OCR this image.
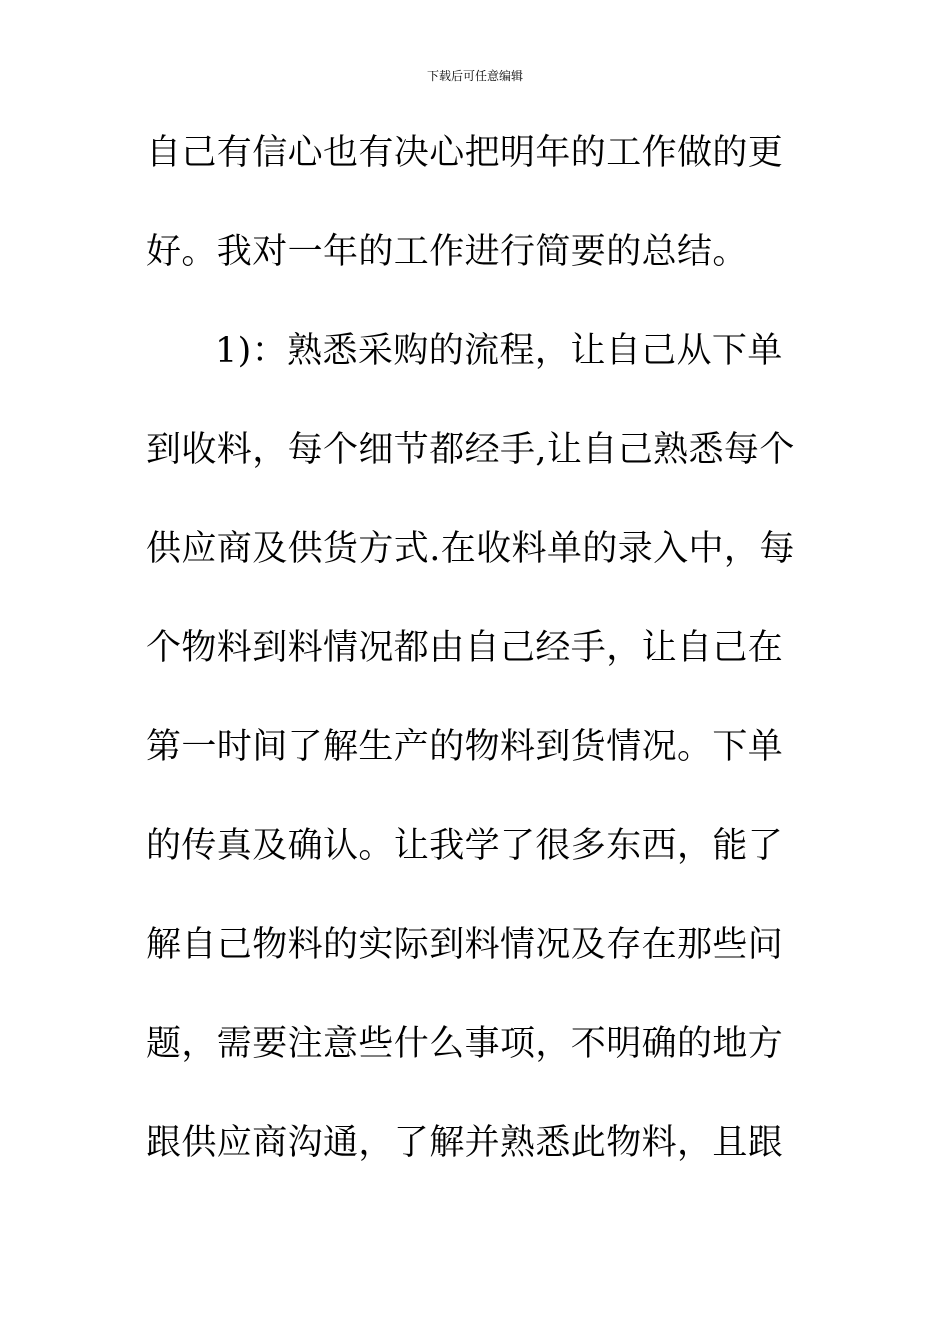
下载后可任意编辑
自己有信心也有决心把明年的工作做的更
好。我对一年的工作进行简要的总结。
1)：熟悉采购的流程，让自己从下单
到收料，每个细节都经手,让自己熟悉每个
供应商及供货方式.在收料单的录入中，每
个物料到料情况都由自己经手，让自己在
第一时间了解生产的物料到货情况。下单
的传真及确认。让我学了很多东西，能了
解自己物料的实际到料情况及存在那些问
题，需要注意些什么事项，不明确的地方
跟供应商沟通，了解并熟悉此物料，且跟
